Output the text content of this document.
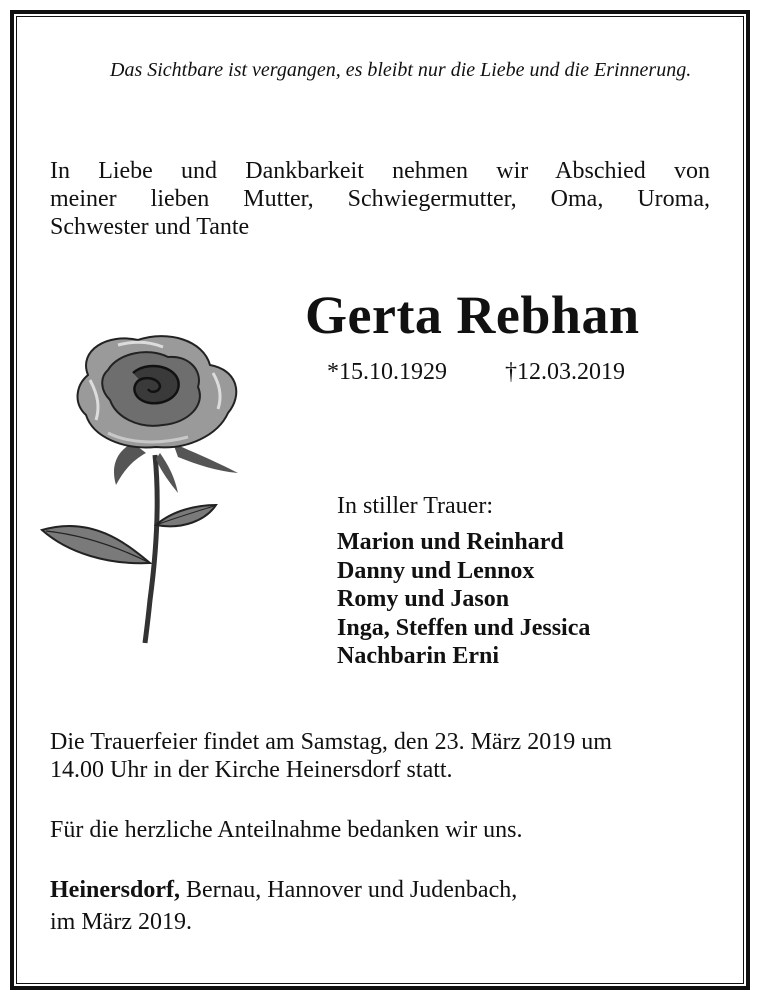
Das Sichtbare ist vergangen, es bleibt nur die Liebe und die Erinnerung.
In Liebe und Dankbarkeit nehmen wir Abschied von
meiner lieben Mutter, Schwiegermutter, Oma, Uroma,
Schwester und Tante
Gerta Rebhan
*15.10.1929 †12.03.2019
In stiller Trauer:
Marion und Reinhard
Danny und Lennox
Romy und Jason
Inga, Steffen und Jessica
Nachbarin Erni
Die Trauerfeier findet am Samstag, den 23. März 2019 um
14.00 Uhr in der Kirche Heinersdorf statt.
Für die herzliche Anteilnahme bedanken wir uns.
Heinersdorf, Bernau, Hannover und Judenbach,
im März 2019.
